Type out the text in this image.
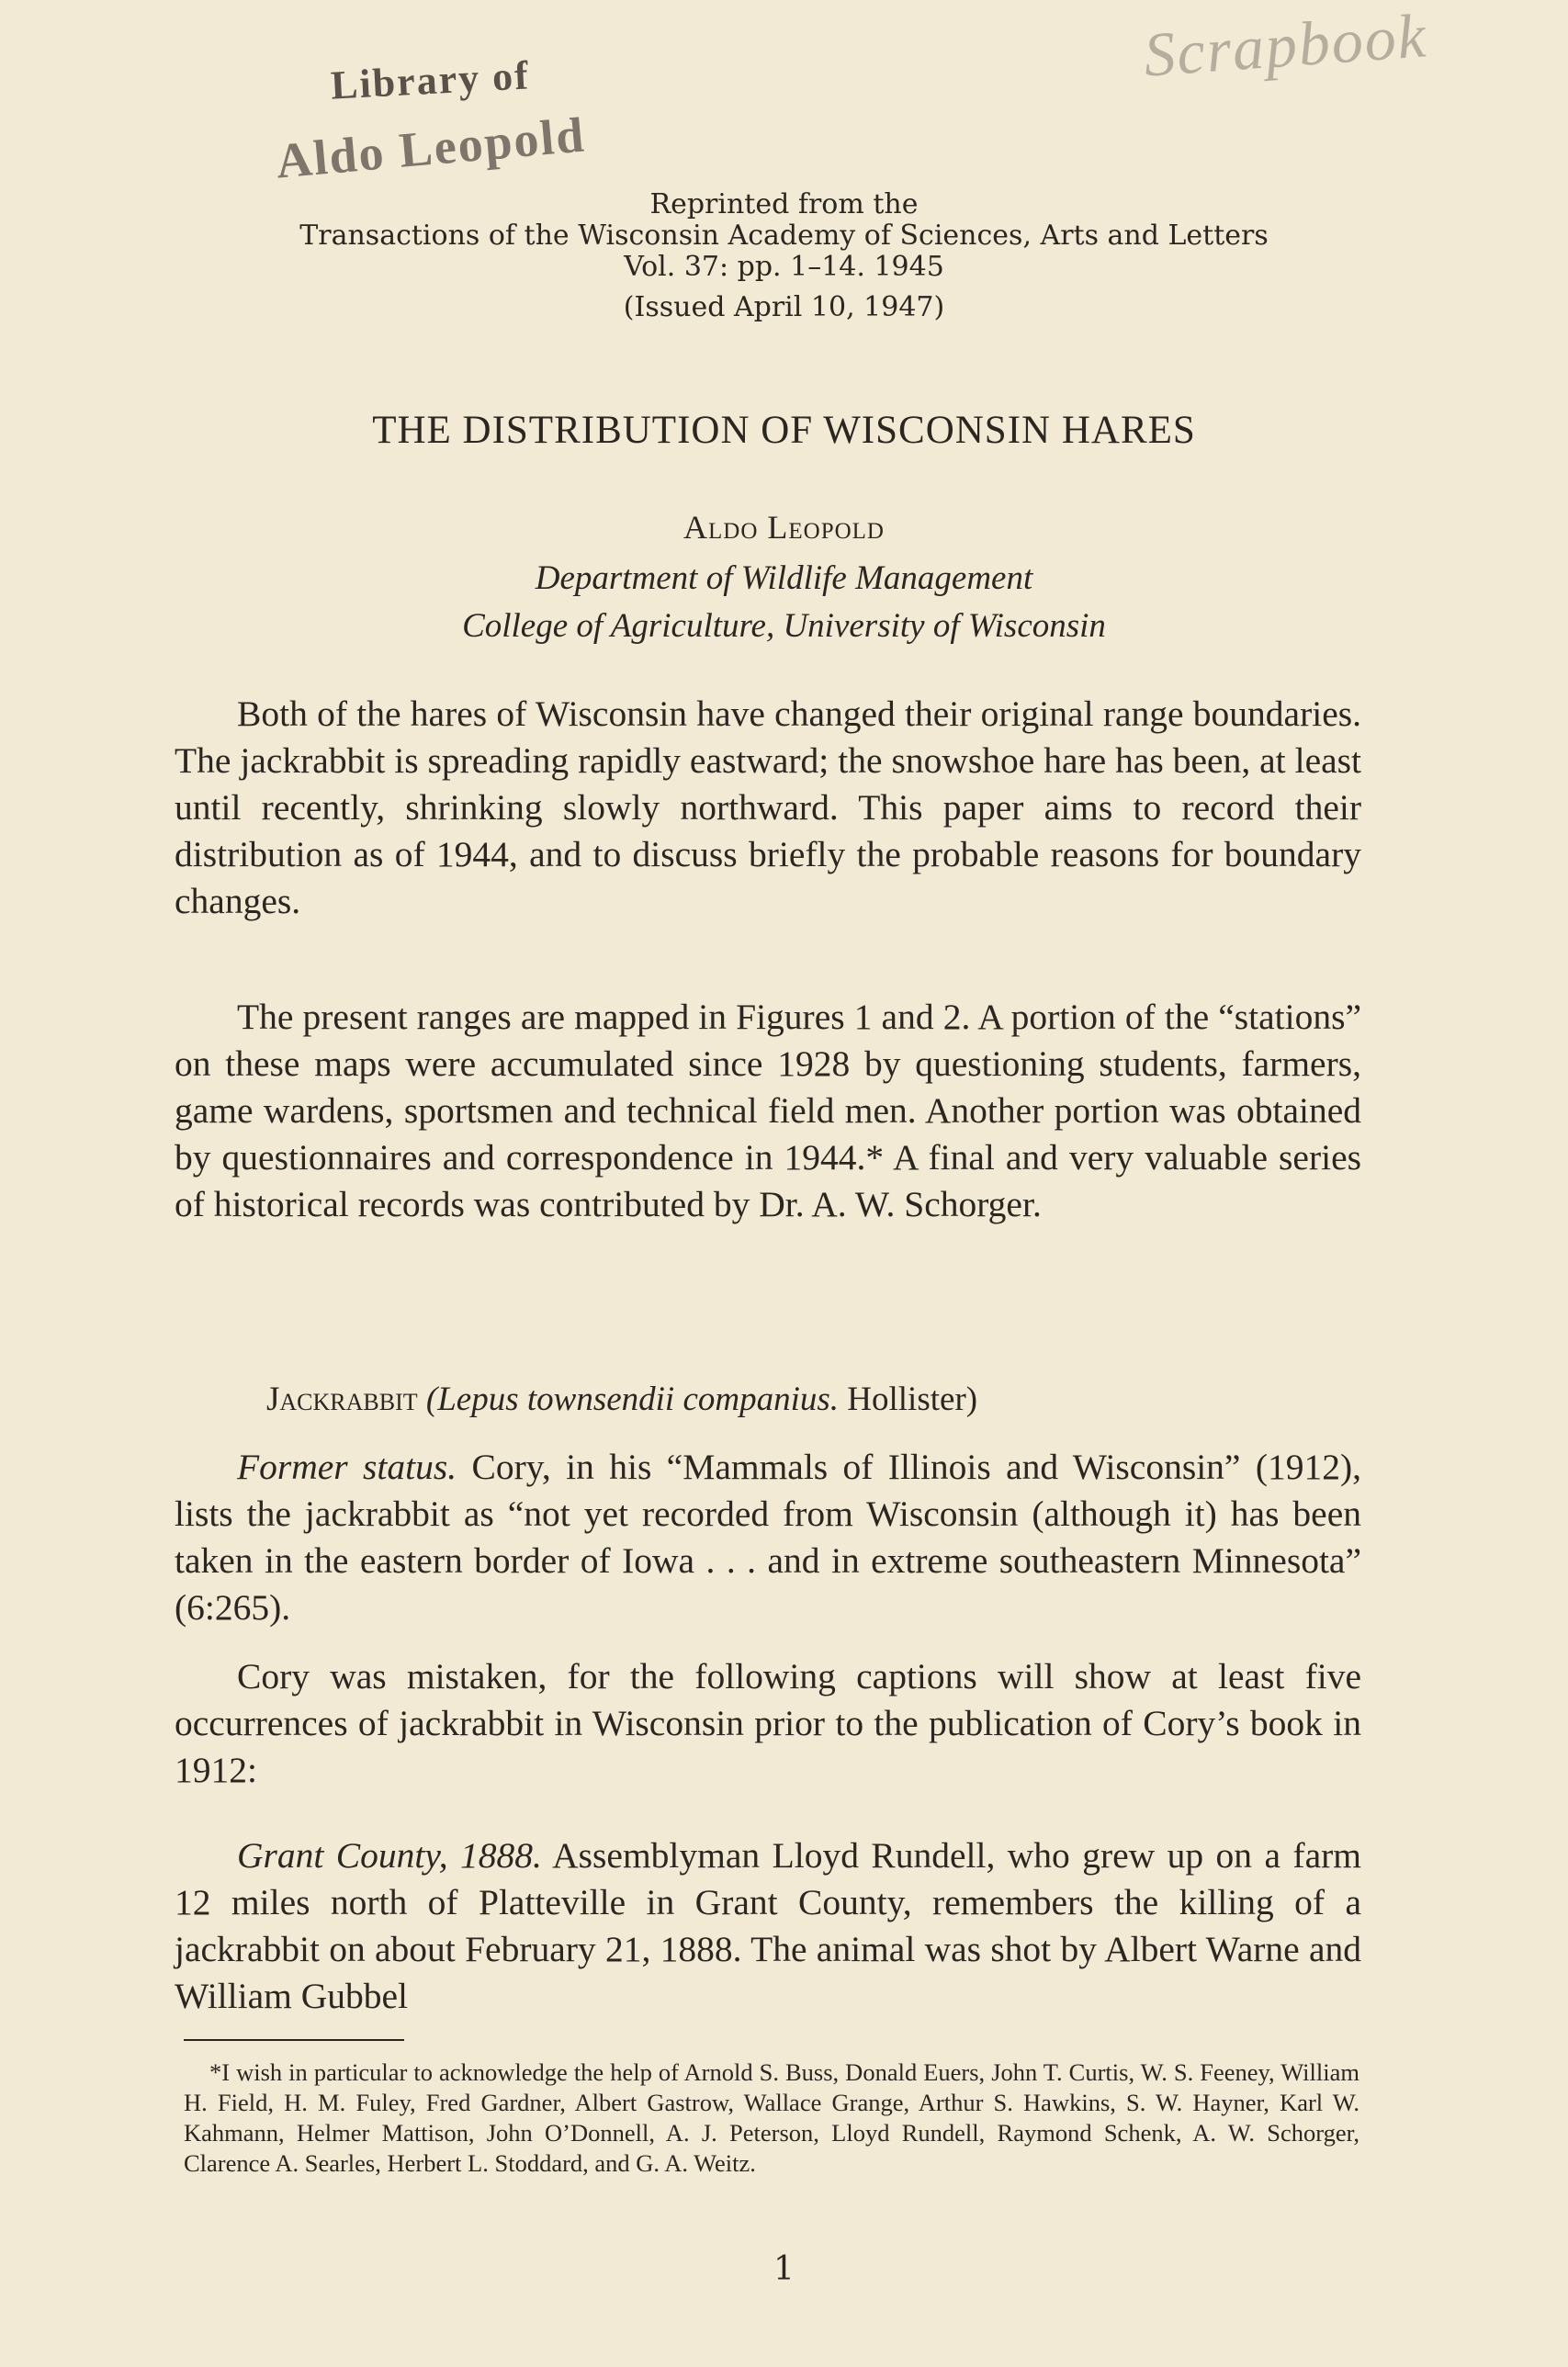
Library of
Aldo Leopold
Scrapbook
Reprinted from the
Transactions of the Wisconsin Academy of Sciences, Arts and Letters
Vol. 37: pp. 1–14. 1945
(Issued April 10, 1947)
THE DISTRIBUTION OF WISCONSIN HARES
Aldo Leopold
Department of Wildlife Management
College of Agriculture, University of Wisconsin

Both of the hares of Wisconsin have changed their original range boundaries. The jackrabbit is spreading rapidly eastward; the snowshoe hare has been, at least until recently, shrinking slowly northward. This paper aims to record their distribution as of 1944, and to discuss briefly the probable reasons for boundary changes.

The present ranges are mapped in Figures 1 and 2. A portion of the “stations” on these maps were accumulated since 1928 by questioning students, farmers, game wardens, sportsmen and technical field men. Another portion was obtained by questionnaires and correspondence in 1944.* A final and very valuable series of historical records was contributed by Dr. A. W. Schorger.

Jackrabbit (Lepus townsendii companius. Hollister)

Former status. Cory, in his “Mammals of Illinois and Wisconsin” (1912), lists the jackrabbit as “not yet recorded from Wisconsin (although it) has been taken in the eastern border of Iowa . . . and in extreme southeastern Minnesota” (6:265).

Cory was mistaken, for the following captions will show at least five occurrences of jackrabbit in Wisconsin prior to the publication of Cory’s book in 1912:

Grant County, 1888. Assemblyman Lloyd Rundell, who grew up on a farm 12 miles north of Platteville in Grant County, remembers the killing of a jackrabbit on about February 21, 1888. The animal was shot by Albert Warne and William Gubbel

*I wish in particular to acknowledge the help of Arnold S. Buss, Donald Euers, John T. Curtis, W. S. Feeney, William H. Field, H. M. Fuley, Fred Gardner, Albert Gastrow, Wallace Grange, Arthur S. Hawkins, S. W. Hayner, Karl W. Kahmann, Helmer Mattison, John O’Donnell, A. J. Peterson, Lloyd Rundell, Raymond Schenk, A. W. Schorger, Clarence A. Searles, Herbert L. Stoddard, and G. A. Weitz.

1
